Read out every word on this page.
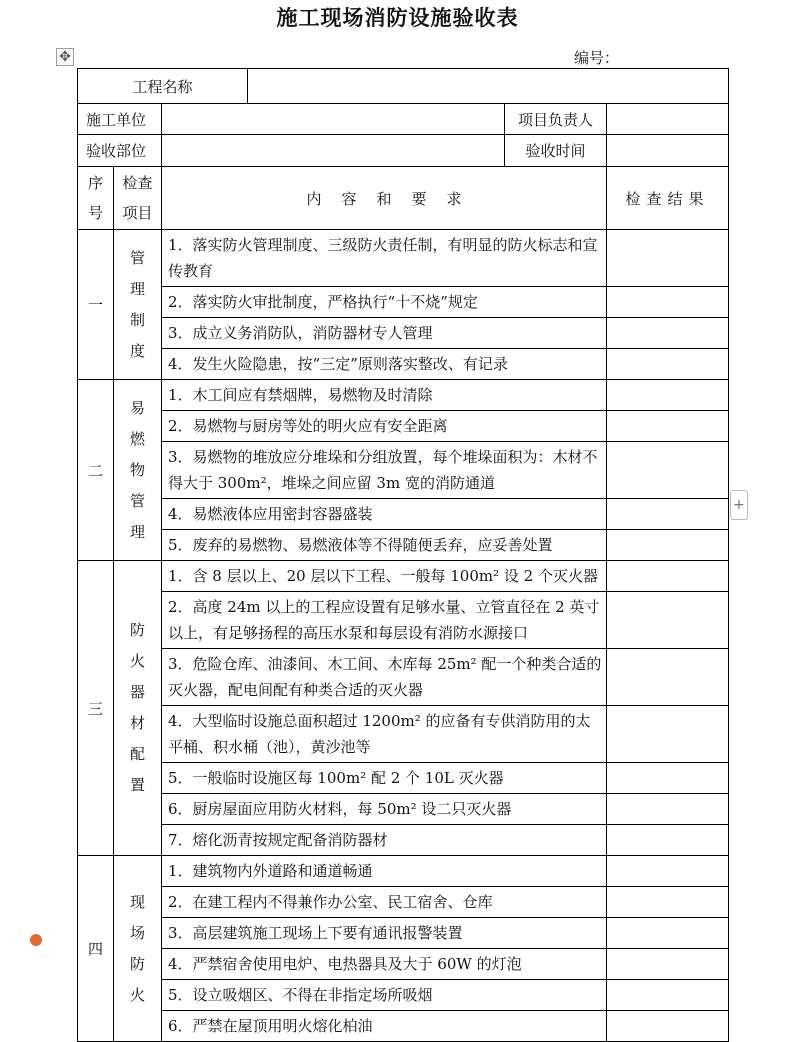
施工现场消防设施验收表
✥	编号：
工程名称					
施工单位				项目负责人	
验收部位				验收时间	
序号	检查项目	内容和要求			检查结果
一	管理制度	1．落实防火管理制度、三级防火责任制，有明显的防火标志和宣传教育			
		2．落实防火审批制度，严格执行“十不烧”规定			
		3．成立义务消防队，消防器材专人管理			
		4．发生火险隐患，按“三定”原则落实整改、有记录			
二	易燃物管理	1．木工间应有禁烟牌，易燃物及时清除			
		2．易燃物与厨房等处的明火应有安全距离			
		3．易燃物的堆放应分堆垛和分组放置，每个堆垛面积为：木材不得大于 300m²，堆垛之间应留 3m 宽的消防通道			
		4．易燃液体应用密封容器盛装			
		5．废弃的易燃物、易燃液体等不得随便丢弃，应妥善处置			
三	防火器材配置	1．含 8 层以上、20 层以下工程、一般每 100m² 设 2 个灭火器			
		2．高度 24m 以上的工程应设置有足够水量、立管直径在 2 英寸以上，有足够扬程的高压水泵和每层设有消防水源接口			
		3．危险仓库、油漆间、木工间、木库每 25m² 配一个种类合适的灭火器，配电间配有种类合适的灭火器			
		4．大型临时设施总面积超过 1200m² 的应备有专供消防用的太平桶、积水桶（池），黄沙池等			
		5．一般临时设施区每 100m² 配 2 个 10L 灭火器			
		6．厨房屋面应用防火材料，每 50m² 设二只灭火器			
		7．熔化沥青按规定配备消防器材			
四	现场防火	1．建筑物内外道路和通道畅通			
		2．在建工程内不得兼作办公室、民工宿舍、仓库			
		3．高层建筑施工现场上下要有通讯报警装置			
		4．严禁宿舍使用电炉、电热器具及大于 60W 的灯泡			
		5．设立吸烟区、不得在非指定场所吸烟			
		6．严禁在屋顶用明火熔化柏油			
+
